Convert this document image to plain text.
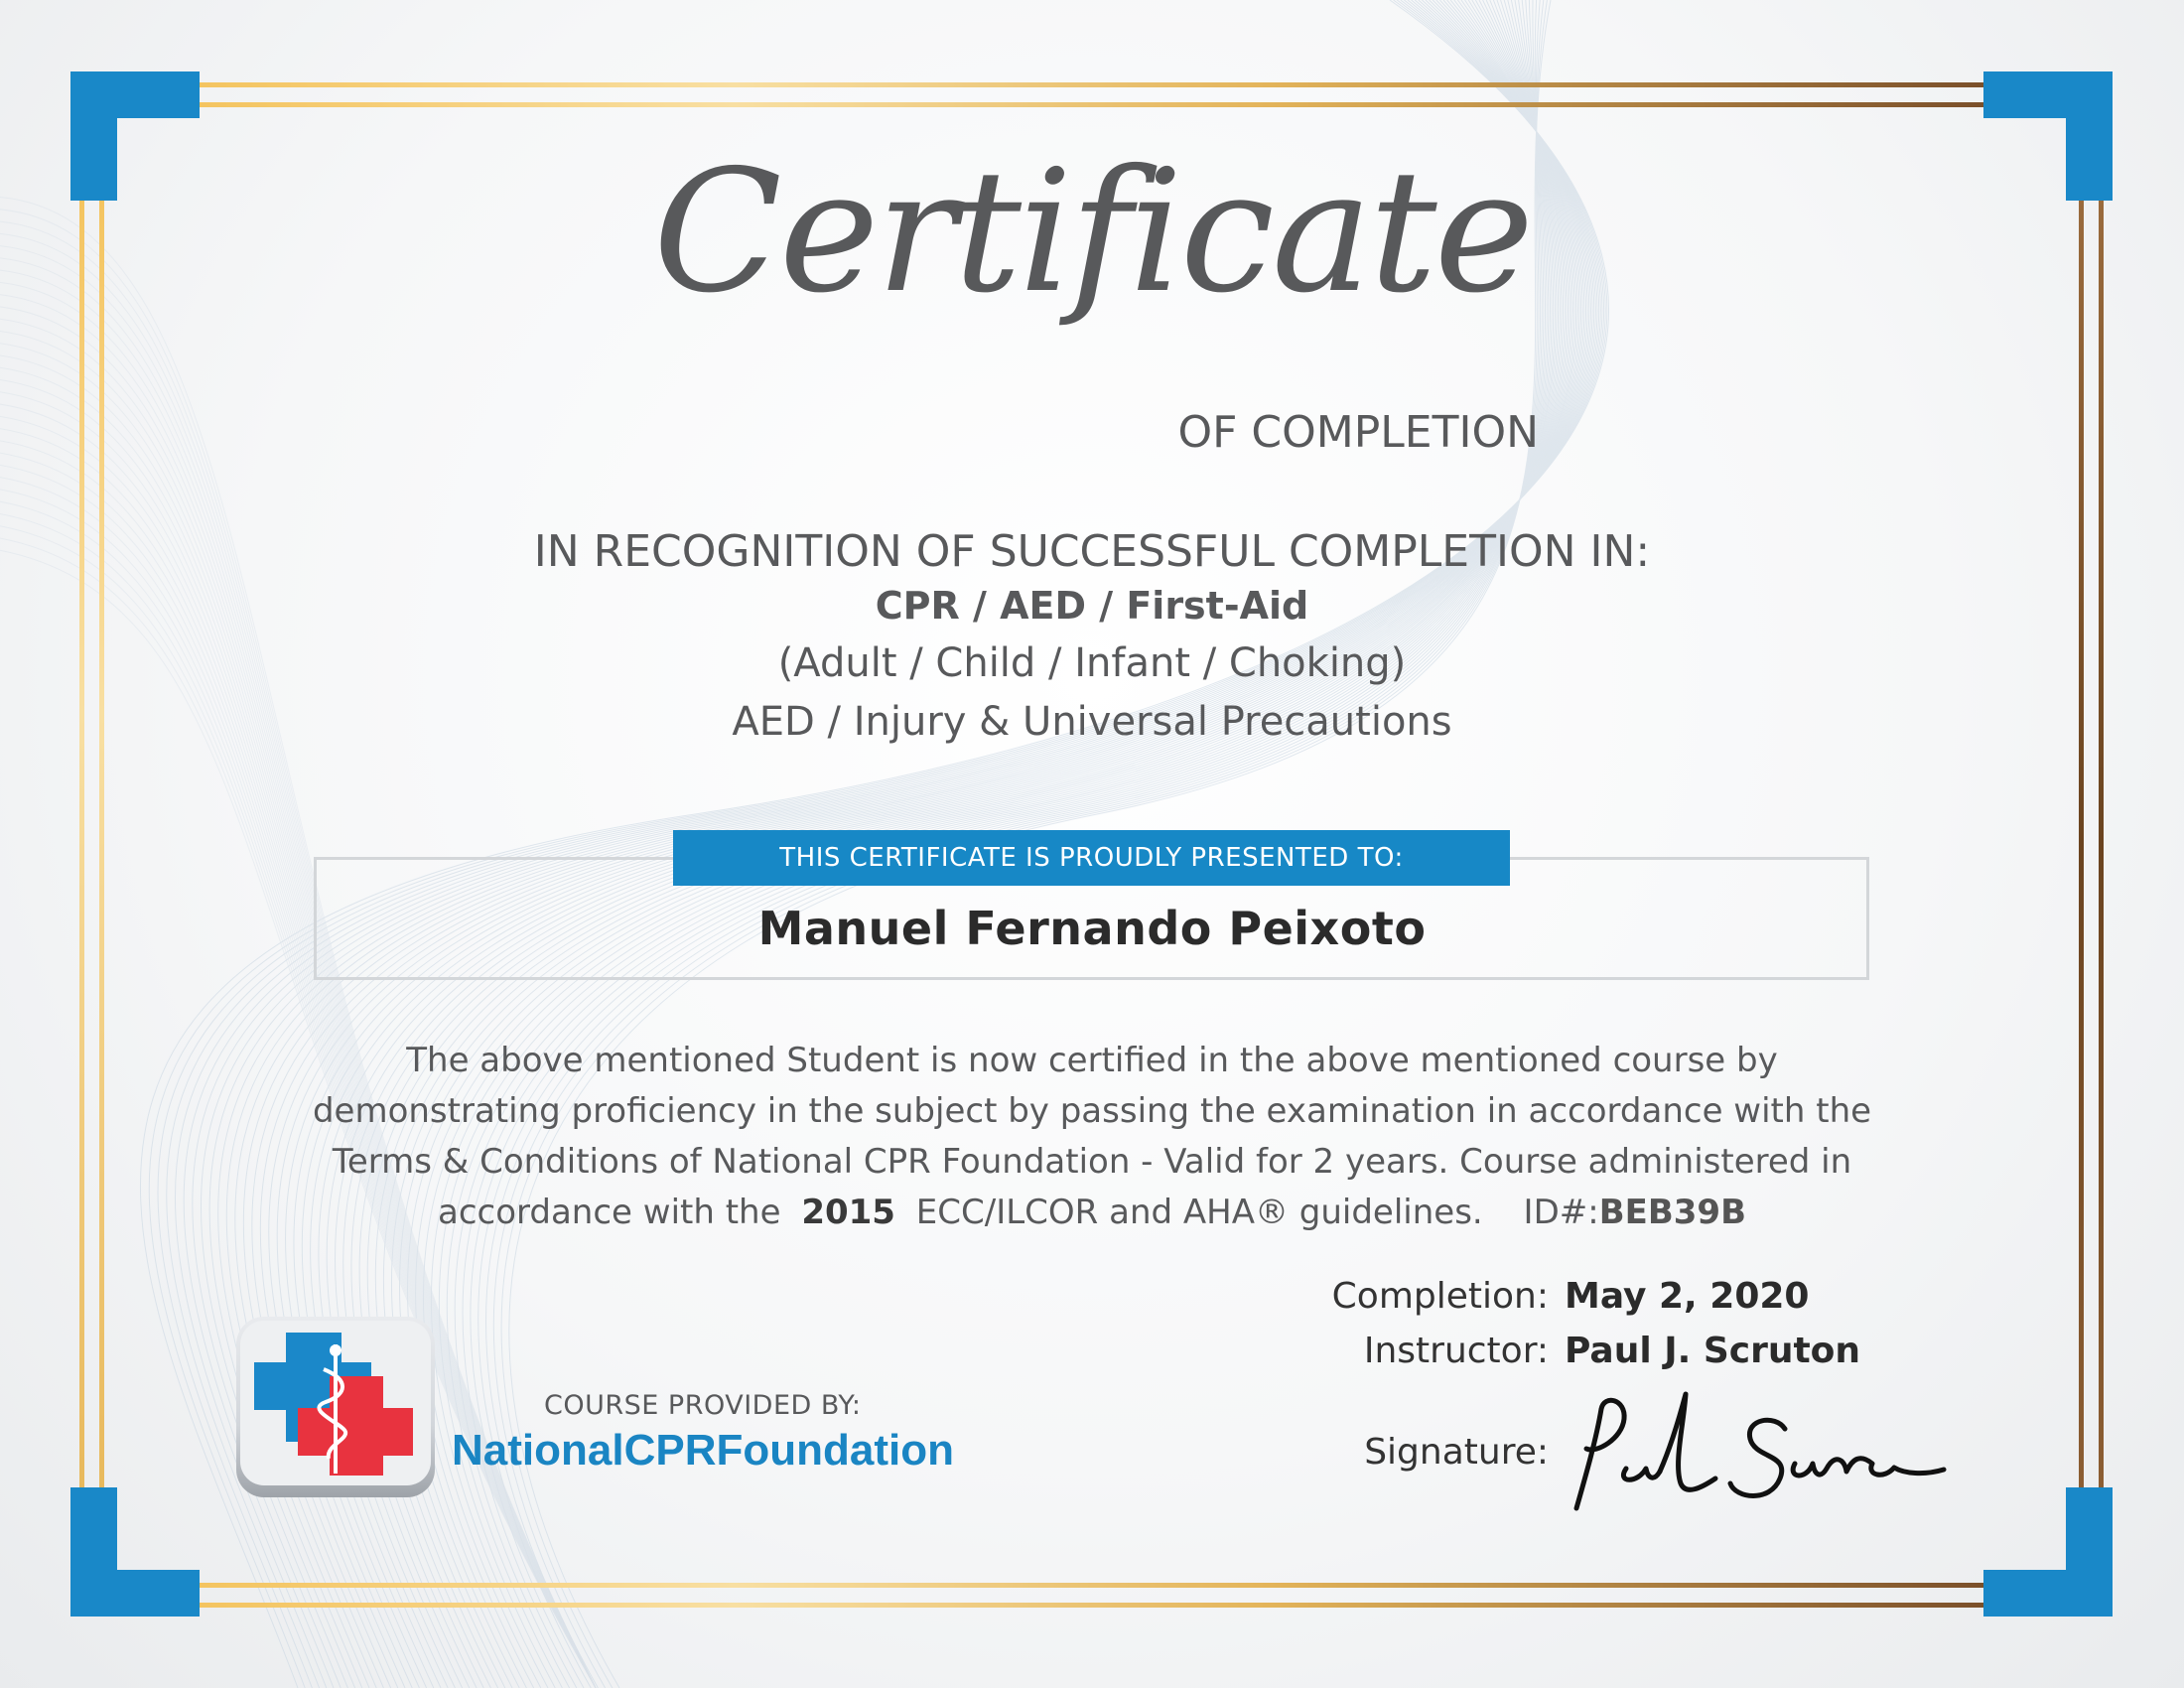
Certificate
OF COMPLETION
IN RECOGNITION OF SUCCESSFUL COMPLETION IN:
CPR / AED / First-Aid
(Adult / Child / Infant / Choking)
AED / Injury & Universal Precautions
THIS CERTIFICATE IS PROUDLY PRESENTED TO:
Manuel Fernando Peixoto
The above mentioned Student is now certified in the above mentioned course by
demonstrating proficiency in the subject by passing the examination in accordance with the
Terms & Conditions of National CPR Foundation - Valid for 2 years. Course administered in
accordance with the 2015 ECC/ILCOR and AHA® guidelines. ID#:BEB39B
Completion: May 2, 2020
Instructor: Paul J. Scruton
Signature:
COURSE PROVIDED BY:
NationalCPRFoundation
